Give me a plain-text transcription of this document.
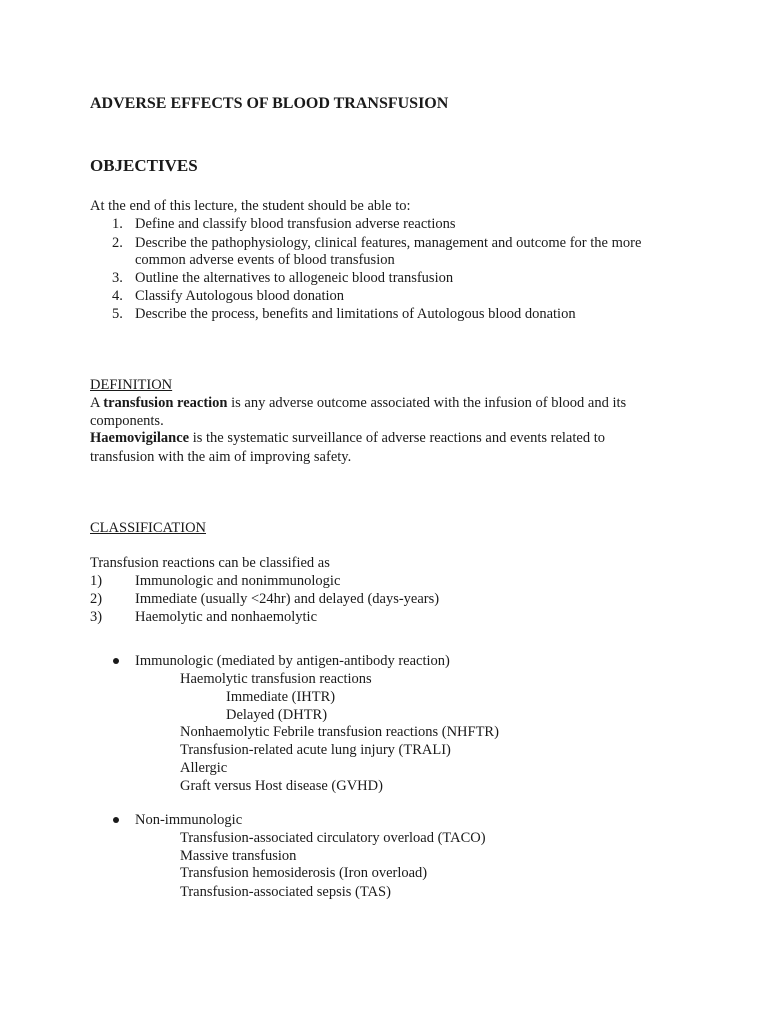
ADVERSE EFFECTS OF BLOOD TRANSFUSION
OBJECTIVES
At the end of this lecture, the student should be able to:
1. Define and classify blood transfusion adverse reactions
2. Describe the pathophysiology, clinical features, management and outcome for the more
common adverse events of blood transfusion
3. Outline the alternatives to allogeneic blood transfusion
4. Classify Autologous blood donation
5. Describe the process, benefits and limitations of Autologous blood donation
DEFINITION
A transfusion reaction is any adverse outcome associated with the infusion of blood and its
components.
Haemovigilance is the systematic surveillance of adverse reactions and events related to
transfusion with the aim of improving safety.
CLASSIFICATION
Transfusion reactions can be classified as
1) Immunologic and nonimmunologic
2) Immediate (usually <24hr) and delayed (days-years)
3) Haemolytic and nonhaemolytic
Immunologic (mediated by antigen-antibody reaction)
Haemolytic transfusion reactions
Immediate (IHTR)
Delayed (DHTR)
Nonhaemolytic Febrile transfusion reactions (NHFTR)
Transfusion-related acute lung injury (TRALI)
Allergic
Graft versus Host disease (GVHD)
Non-immunologic
Transfusion-associated circulatory overload (TACO)
Massive transfusion
Transfusion hemosiderosis (Iron overload)
Transfusion-associated sepsis (TAS)
